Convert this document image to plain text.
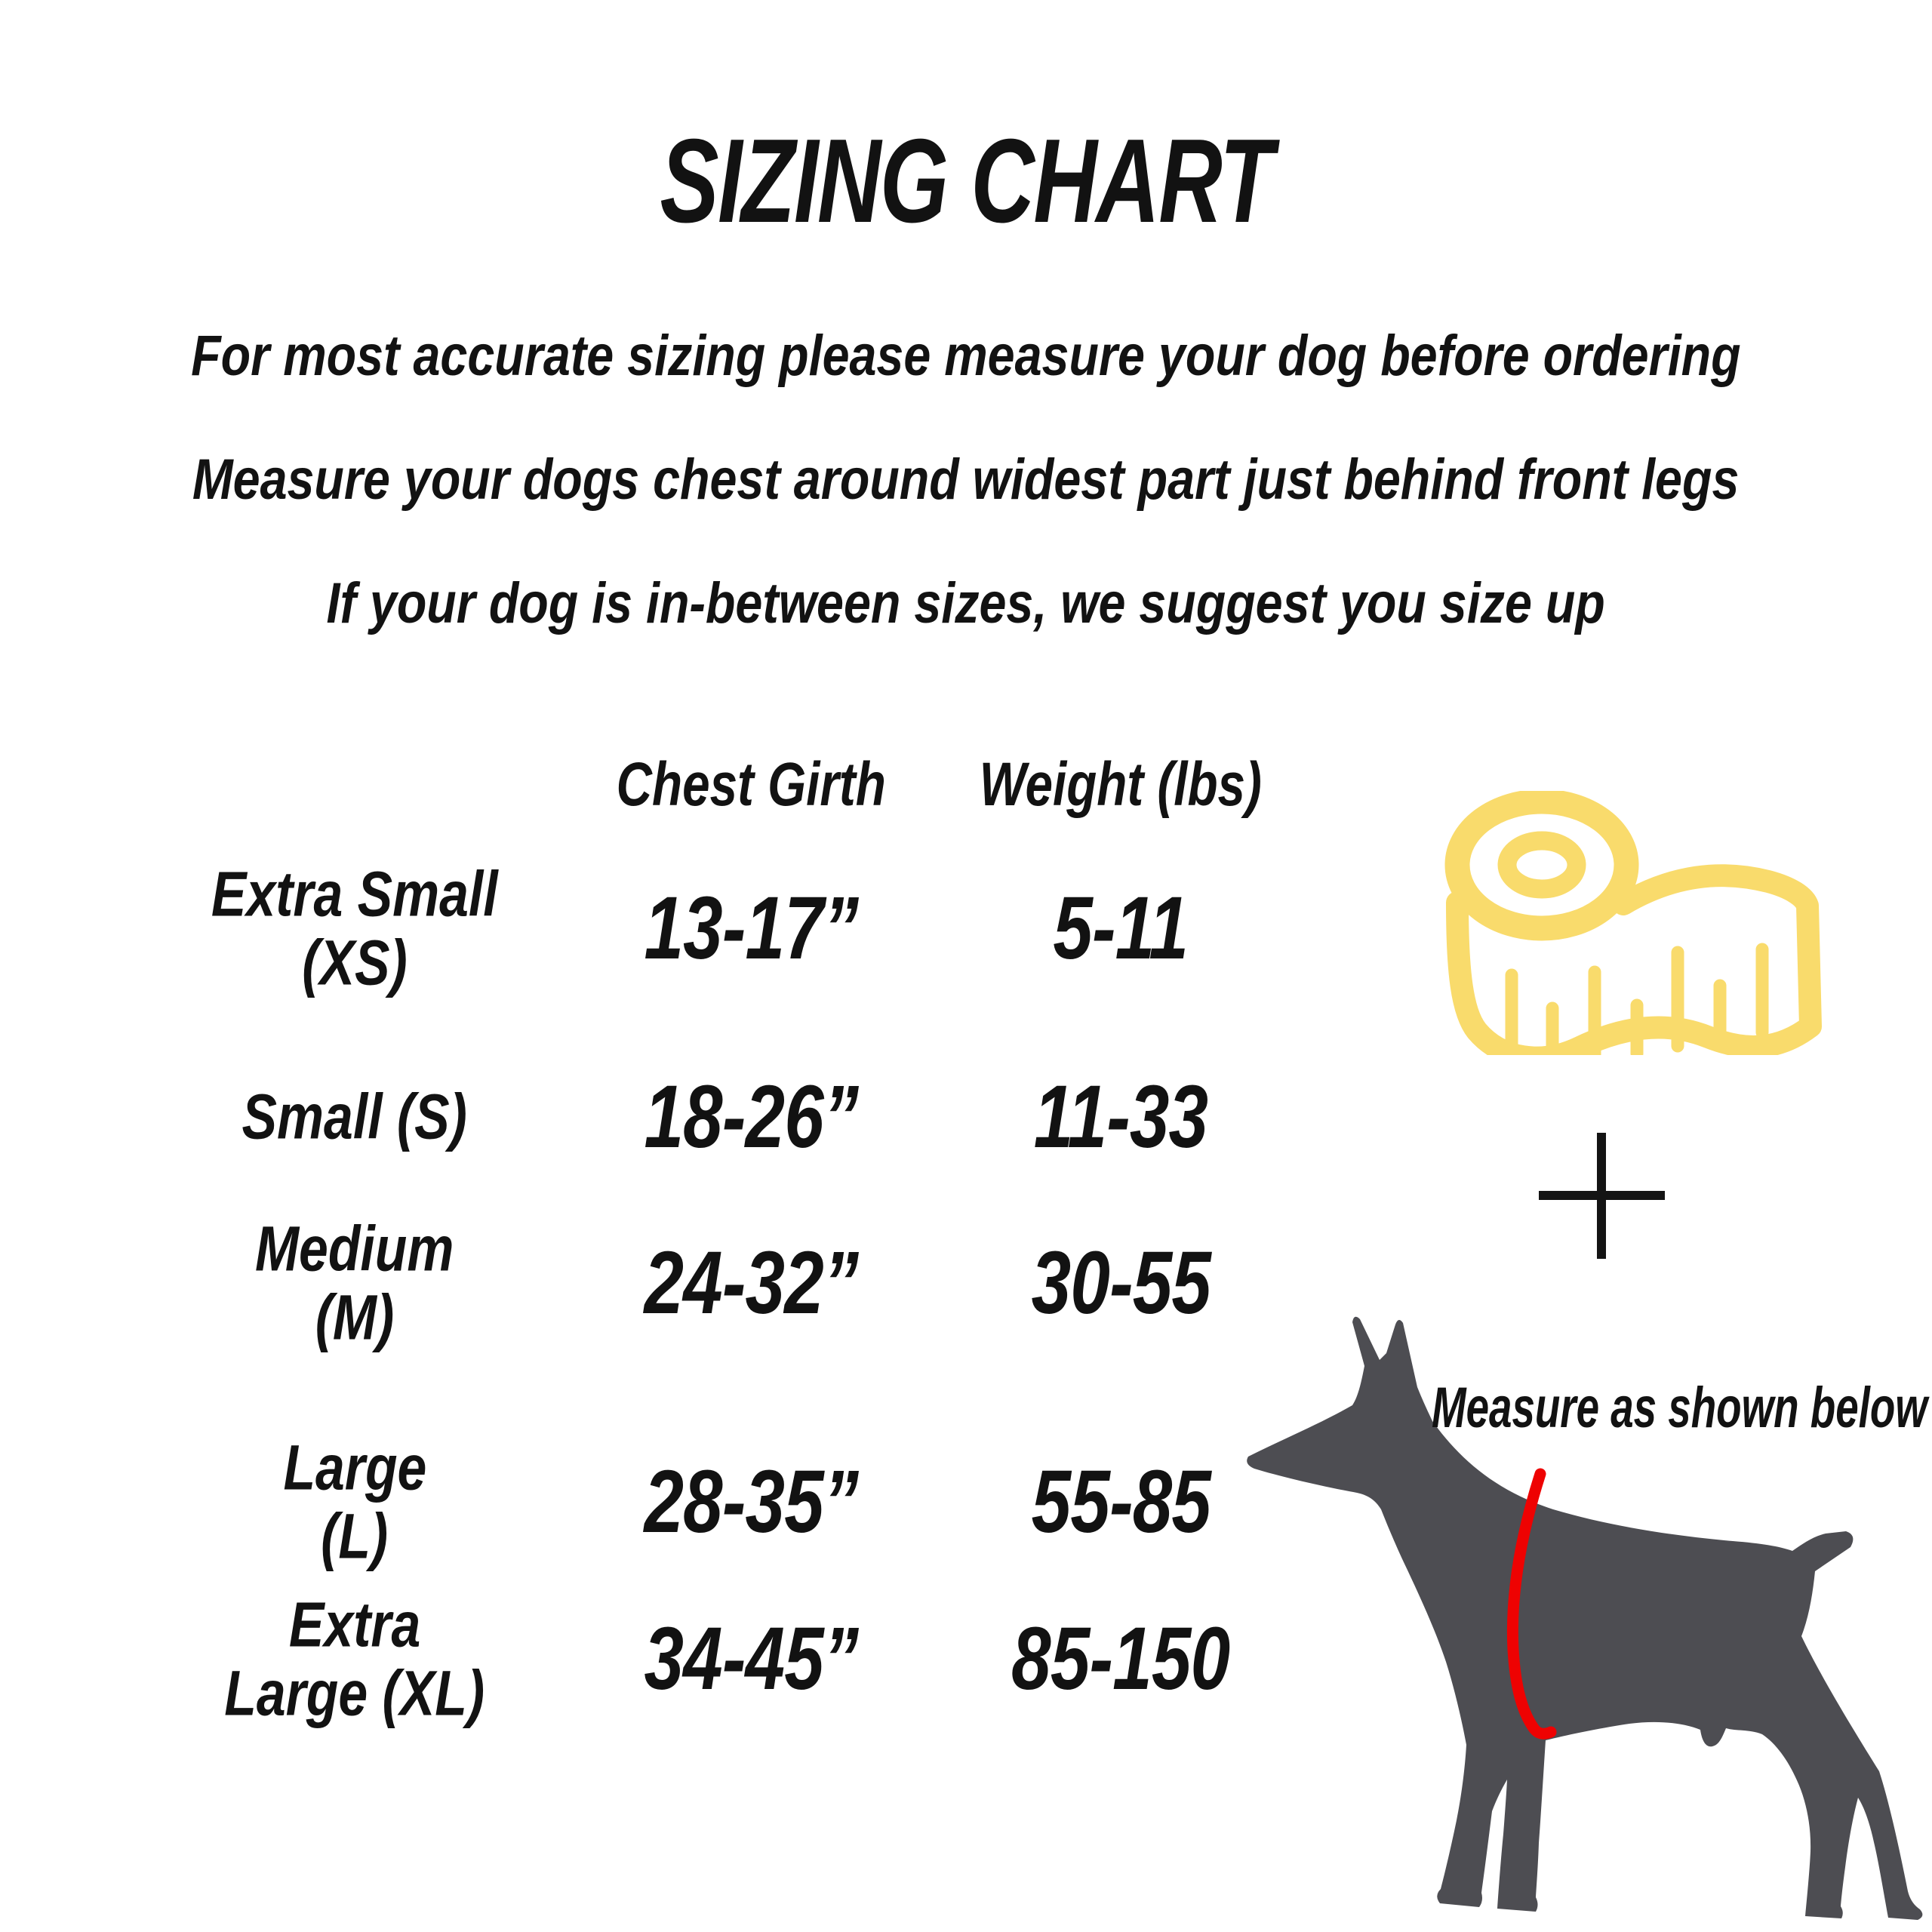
SIZING CHART
For most accurate sizing please measure your dog before ordering
Measure your dogs chest around widest part just behind front legs
If your dog is in-between sizes, we suggest you size up
Chest Girth Weight (lbs)
Extra Small
(XS)	13-17” 5-11
Small (S) 18-26” 11-33
Medium
(M)	24-32” 30-55
Large
(L)	28-35” 55-85
Extra
Large (XL) 34-45” 85-150
Measure as shown below
